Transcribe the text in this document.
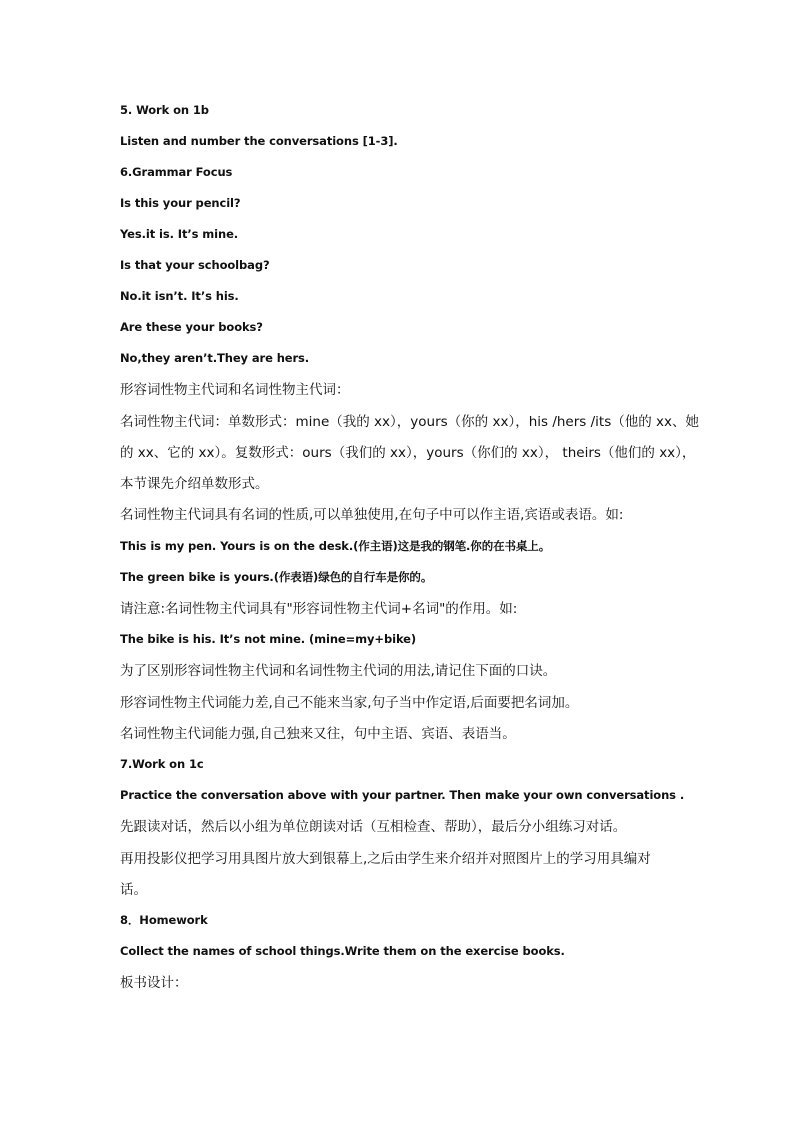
5. Work on 1b
Listen and number the conversations [1-3].
6.Grammar Focus
Is this your pencil?
Yes.it is. It’s mine.
Is that your schoolbag?
No.it isn’t. It’s his.
Are these your books?
No,they aren’t.They are hers.
形容词性物主代词和名词性物主代词：
名词性物主代词：单数形式：mine（我的 xx），yours（你的 xx），his /hers /its（他的 xx、她
的 xx、它的 xx）。复数形式：ours（我们的 xx），yours（你们的 xx）， theirs（他们的 xx），
本节课先介绍单数形式。
名词性物主代词具有名词的性质,可以单独使用,在句子中可以作主语,宾语或表语。如:
This is my pen. Yours is on the desk.(作主语)这是我的钢笔.你的在书桌上。
The green bike is yours.(作表语)绿色的自行车是你的。
请注意:名词性物主代词具有"形容词性物主代词+名词"的作用。如:
The bike is his. It’s not mine. (mine=my+bike)
为了区别形容词性物主代词和名词性物主代词的用法,请记住下面的口诀。
形容词性物主代词能力差,自己不能来当家,句子当中作定语,后面要把名词加。
名词性物主代词能力强,自己独来又往，句中主语、宾语、表语当。
7.Work on 1c
Practice the conversation above with your partner. Then make your own conversations .
先跟读对话，然后以小组为单位朗读对话（互相检查、帮助），最后分小组练习对话。
再用投影仪把学习用具图片放大到银幕上,之后由学生来介绍并对照图片上的学习用具编对
话。
8．Homework
Collect the names of school things.Write them on the exercise books.
板书设计：
